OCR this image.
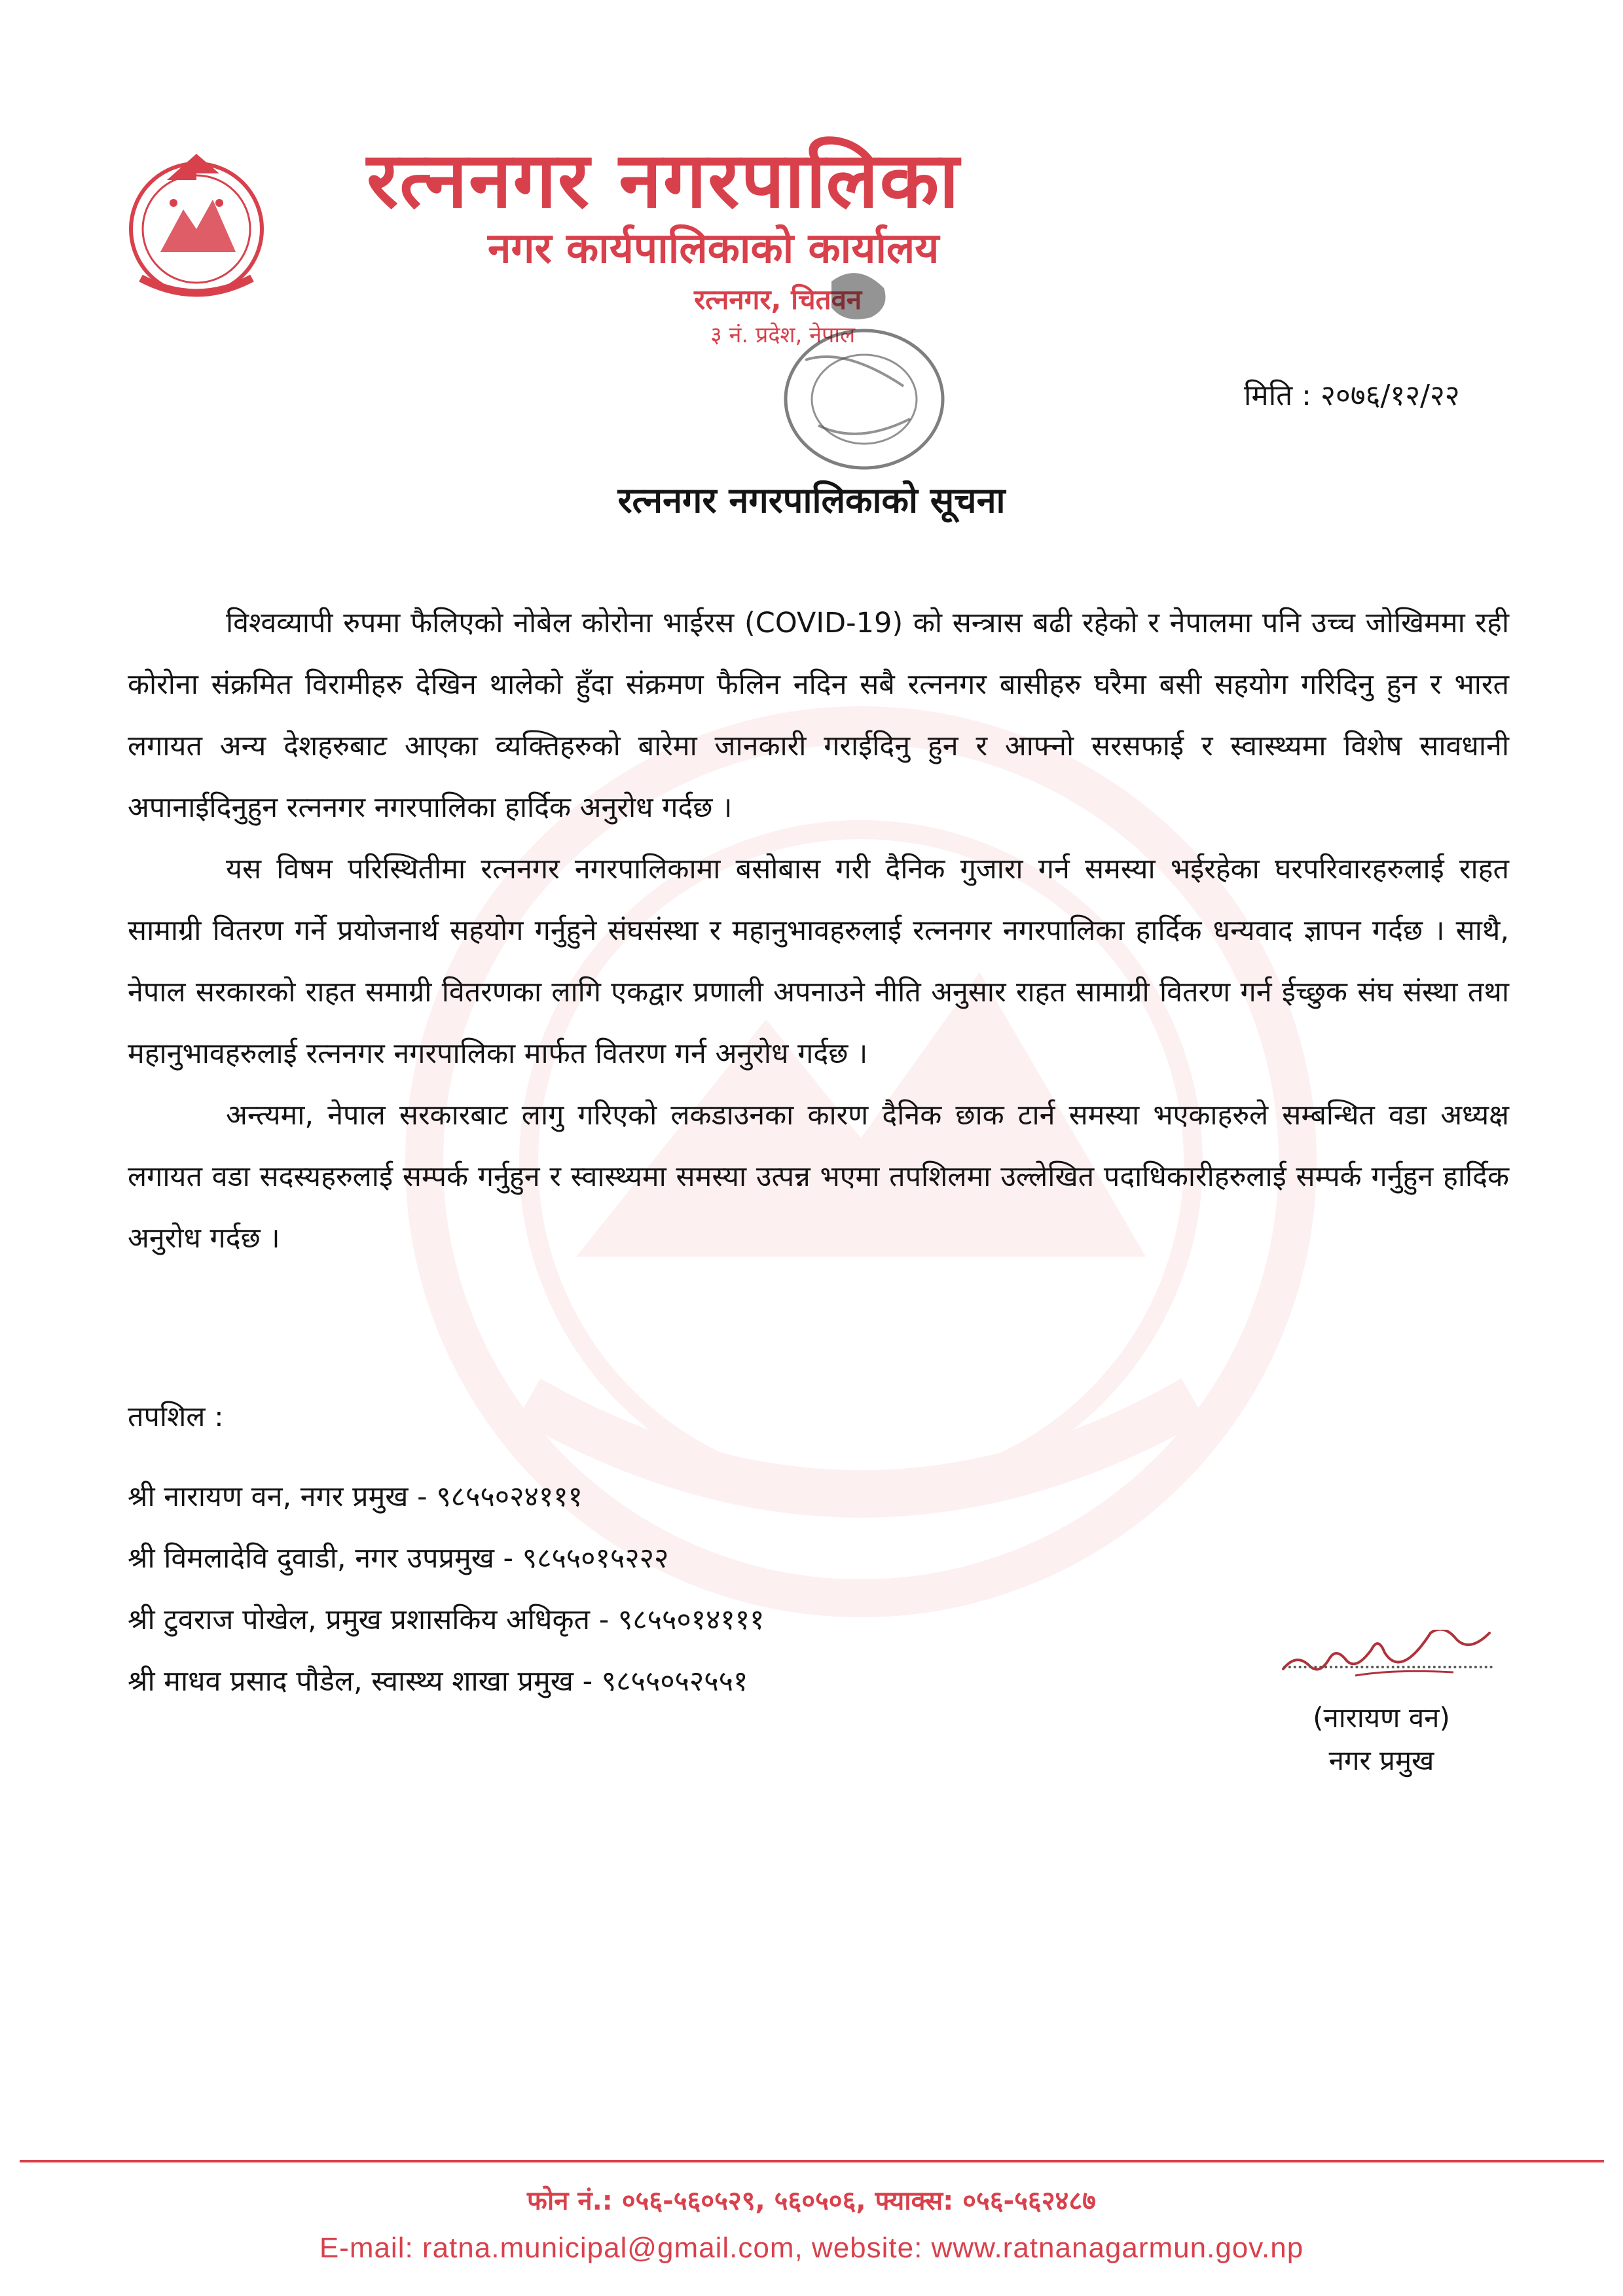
रत्ननगर नगरपालिका
नगर कार्यपालिकाको कार्यालय
रत्ननगर, चितवन
३ नं. प्रदेश, नेपाल
मिति : २०७६/१२/२२
रत्ननगर नगरपालिकाको सूचना

विश्वव्यापी रुपमा फैलिएको नोबेल कोरोना भाईरस (COVID-19) को सन्त्रास बढी रहेको र नेपालमा पनि उच्च जोखिममा रही कोरोना संक्रमित विरामीहरु देखिन थालेको हुँदा संक्रमण फैलिन नदिन सबै रत्ननगर बासीहरु घरैमा बसी सहयोग गरिदिनु हुन र भारत लगायत अन्य देशहरुबाट आएका व्यक्तिहरुको बारेमा जानकारी गराईदिनु हुन र आफ्नो सरसफाई र स्वास्थ्यमा विशेष सावधानी अपानाईदिनुहुन रत्ननगर नगरपालिका हार्दिक अनुरोध गर्दछ ।

यस विषम परिस्थितीमा रत्ननगर नगरपालिकामा बसोबास गरी दैनिक गुजारा गर्न समस्या भईरहेका घरपरिवारहरुलाई राहत सामाग्री वितरण गर्ने प्रयोजनार्थ सहयोग गर्नुहुने संघसंस्था र महानुभावहरुलाई रत्ननगर नगरपालिका हार्दिक धन्यवाद ज्ञापन गर्दछ । साथै, नेपाल सरकारको राहत समाग्री वितरणका लागि एकद्वार प्रणाली अपनाउने नीति अनुसार राहत सामाग्री वितरण गर्न ईच्छुक संघ संस्था तथा महानुभावहरुलाई रत्ननगर नगरपालिका मार्फत वितरण गर्न अनुरोध गर्दछ ।

अन्त्यमा, नेपाल सरकारबाट लागु गरिएको लकडाउनका कारण दैनिक छाक टार्न समस्या भएकाहरुले सम्बन्धित वडा अध्यक्ष लगायत वडा सदस्यहरुलाई सम्पर्क गर्नुहुन र स्वास्थ्यमा समस्या उत्पन्न भएमा तपशिलमा उल्लेखित पदाधिकारीहरुलाई सम्पर्क गर्नुहुन हार्दिक अनुरोध गर्दछ ।

तपशिल :
श्री नारायण वन, नगर प्रमुख - ९८५५०२४१११
श्री विमलादेवि दुवाडी, नगर उपप्रमुख - ९८५५०१५२२२
श्री टुवराज पोखेल, प्रमुख प्रशासकिय अधिकृत - ९८५५०१४१११
श्री माधव प्रसाद पौडेल, स्वास्थ्य शाखा प्रमुख - ९८५५०५२५५१
(नारायण वन)
नगर प्रमुख
फोन नं.: ०५६-५६०५२९, ५६०५०६, फ्याक्स: ०५६-५६२४८७
E-mail: ratna.municipal@gmail.com, website: www.ratnanagarmun.gov.np
